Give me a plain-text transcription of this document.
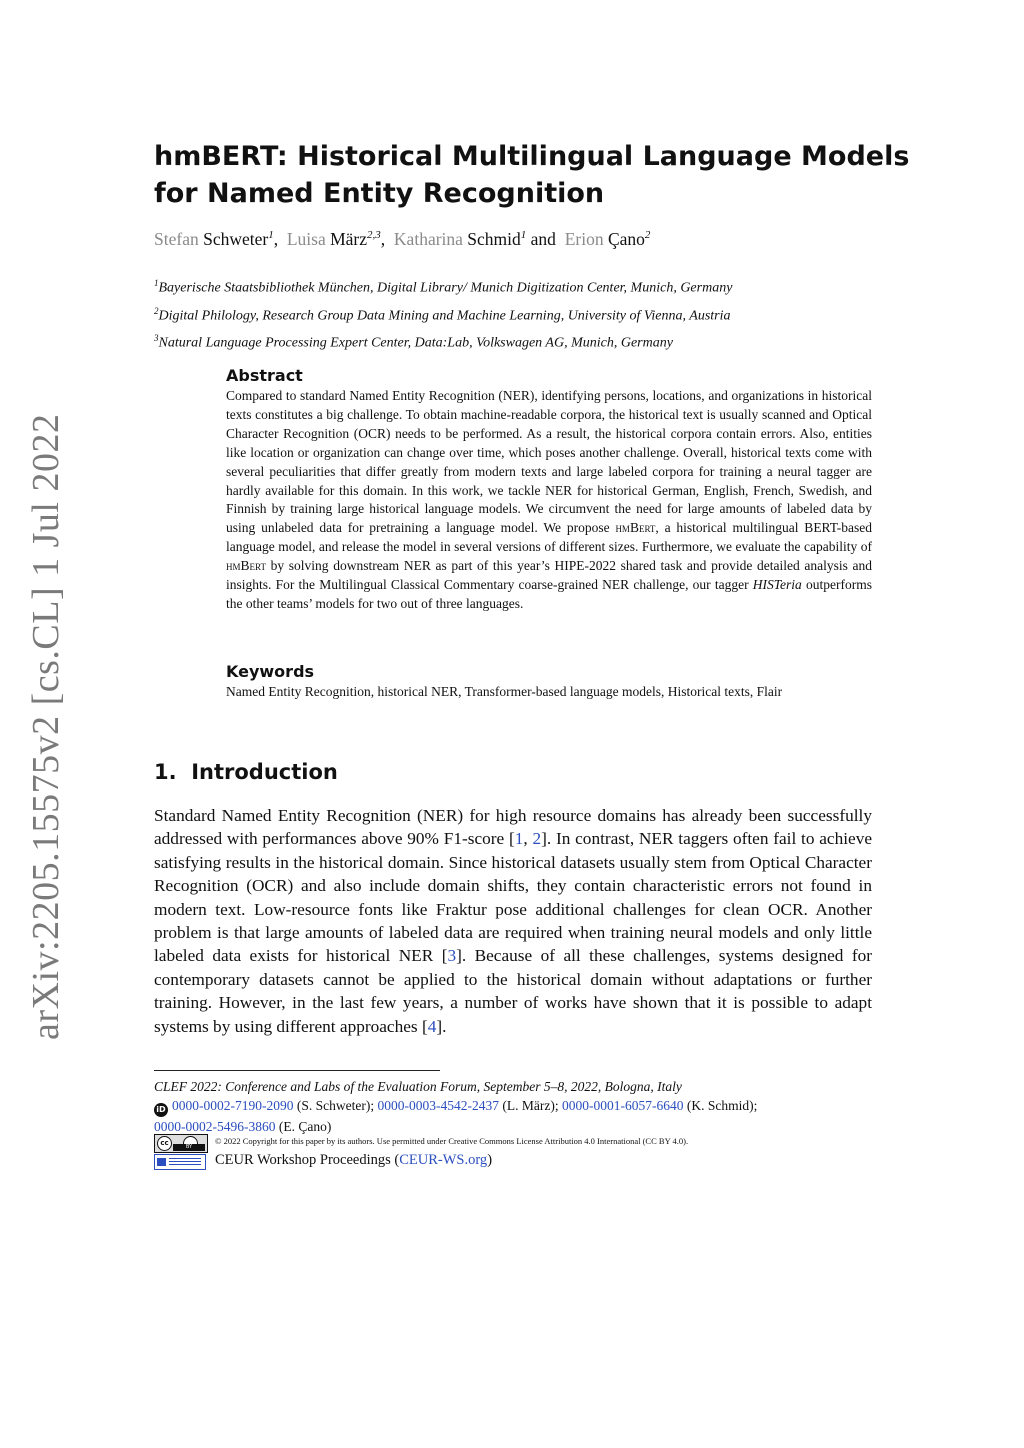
arXiv:2205.15575v2 [cs.CL] 1 Jul 2022
hmBERT: Historical Multilingual Language Models
for Named Entity Recognition
Stefan Schweter$^1$,  Luisa März$^{2,3}$,  Katharina Schmid$^1$ and Erion Çano$^2$
$^1$Bayerische Staatsbibliothek München, Digital Library/ Munich Digitization Center, Munich, Germany
$^2$Digital Philology, Research Group Data Mining and Machine Learning, University of Vienna, Austria
$^3$Natural Language Processing Expert Center, Data:Lab, Volkswagen AG, Munich, Germany
Abstract
Compared to standard Named Entity Recognition (NER), identifying persons, locations, and organizations in historical texts constitutes a big challenge. To obtain machine-readable corpora, the historical text is usually scanned and Optical Character Recognition (OCR) needs to be performed. As a result, the historical corpora contain errors. Also, entities like location or organization can change over time, which poses another challenge. Overall, historical texts come with several peculiarities that differ greatly from modern texts and large labeled corpora for training a neural tagger are hardly available for this domain. In this work, we tackle NER for historical German, English, French, Swedish, and Finnish by training large historical language models. We circumvent the need for large amounts of labeled data by using unlabeled data for pretraining a language model. We propose hmBert, a historical multilingual BERT-based language model, and release the model in several versions of different sizes. Furthermore, we evaluate the capability of hmBert by solving downstream NER as part of this year’s HIPE-2022 shared task and provide detailed analysis and insights. For the Multilingual Classical Commentary coarse-grained NER challenge, our tagger HISTeria outperforms the other teams’ models for two out of three languages.
Keywords
Named Entity Recognition, historical NER, Transformer-based language models, Historical texts, Flair
1. Introduction
Standard Named Entity Recognition (NER) for high resource domains has already been successfully addressed with performances above 90% F1-score [1, 2]. In contrast, NER taggers often fail to achieve satisfying results in the historical domain. Since historical datasets usually stem from Optical Character Recognition (OCR) and also include domain shifts, they contain characteristic errors not found in modern text. Low-resource fonts like Fraktur pose additional challenges for clean OCR. Another problem is that large amounts of labeled data are required when training neural models and only little labeled data exists for historical NER [3]. Because of all these challenges, systems designed for contemporary datasets cannot be applied to the historical domain without adaptations or further training. However, in the last few years, a number of works have shown that it is possible to adapt systems by using different approaches [4].
CLEF 2022: Conference and Labs of the Evaluation Forum, September 5–8, 2022, Bologna, Italy
iD 0000-0002-7190-2090 (S. Schweter); 0000-0003-4542-2437 (L. März); 0000-0001-6057-6640 (K. Schmid);
0000-0002-5496-3860 (E. Çano)
cc	BY
© 2022 Copyright for this paper by its authors. Use permitted under Creative Commons License Attribution 4.0 International (CC BY 4.0).
CEUR Workshop Proceedings (CEUR-WS.org)
